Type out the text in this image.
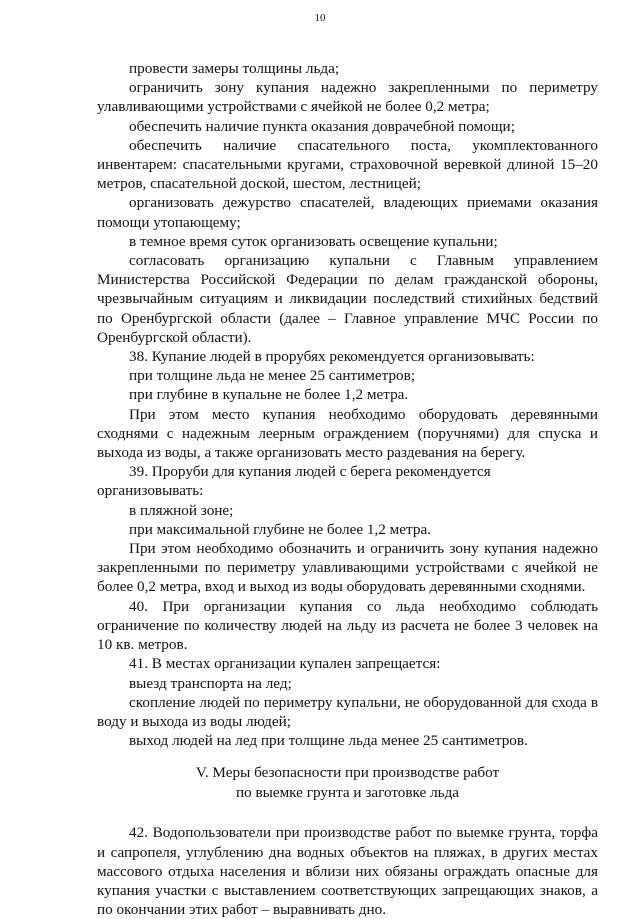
10

провести замеры толщины льда;

ограничить зону купания надежно закрепленными по периметру улавливающими устройствами с ячейкой не более 0,2 метра;

обеспечить наличие пункта оказания доврачебной помощи;

обеспечить наличие спасательного поста, укомплектованного инвентарем: спасательными кругами, страховочной веревкой длиной 15–20 метров, спасательной доской, шестом, лестницей;

организовать дежурство спасателей, владеющих приемами оказания помощи утопающему;

в темное время суток организовать освещение купальни;

согласовать организацию купальни с Главным управлением Министерства Российской Федерации по делам гражданской обороны, чрезвычайным ситуациям и ликвидации последствий стихийных бедствий по Оренбургской области (далее – Главное управление МЧС России по Оренбургской области).

38. Купание людей в прорубях рекомендуется организовывать:

при толщине льда не менее 25 сантиметров;

при глубине в купальне не более 1,2 метра.

При этом место купания необходимо оборудовать деревянными сходнями с надежным леерным ограждением (поручнями) для спуска и выхода из воды, а также организовать место раздевания на берегу.

39. Проруби для купания людей с берега рекомендуется организовывать:

в пляжной зоне;

при максимальной глубине не более 1,2 метра.

При этом необходимо обозначить и ограничить зону купания надежно закрепленными по периметру улавливающими устройствами с ячейкой не более 0,2 метра, вход и выход из воды оборудовать деревянными сходнями.

40. При организации купания со льда необходимо соблюдать ограничение по количеству людей на льду из расчета не более 3 человек на 10 кв. метров.

41. В местах организации купален запрещается:

выезд транспорта на лед;

скопление людей по периметру купальни, не оборудованной для схода в воду и выхода из воды людей;

выход людей на лед при толщине льда менее 25 сантиметров.

V. Меры безопасности при производстве работ
по выемке грунта и заготовке льда

42. Водопользователи при производстве работ по выемке грунта, торфа и сапропеля, углублению дна водных объектов на пляжах, в других местах массового отдыха населения и вблизи них обязаны ограждать опасные для купания участки с выставлением соответствующих запрещающих знаков, а по окончании этих работ – выравнивать дно.
